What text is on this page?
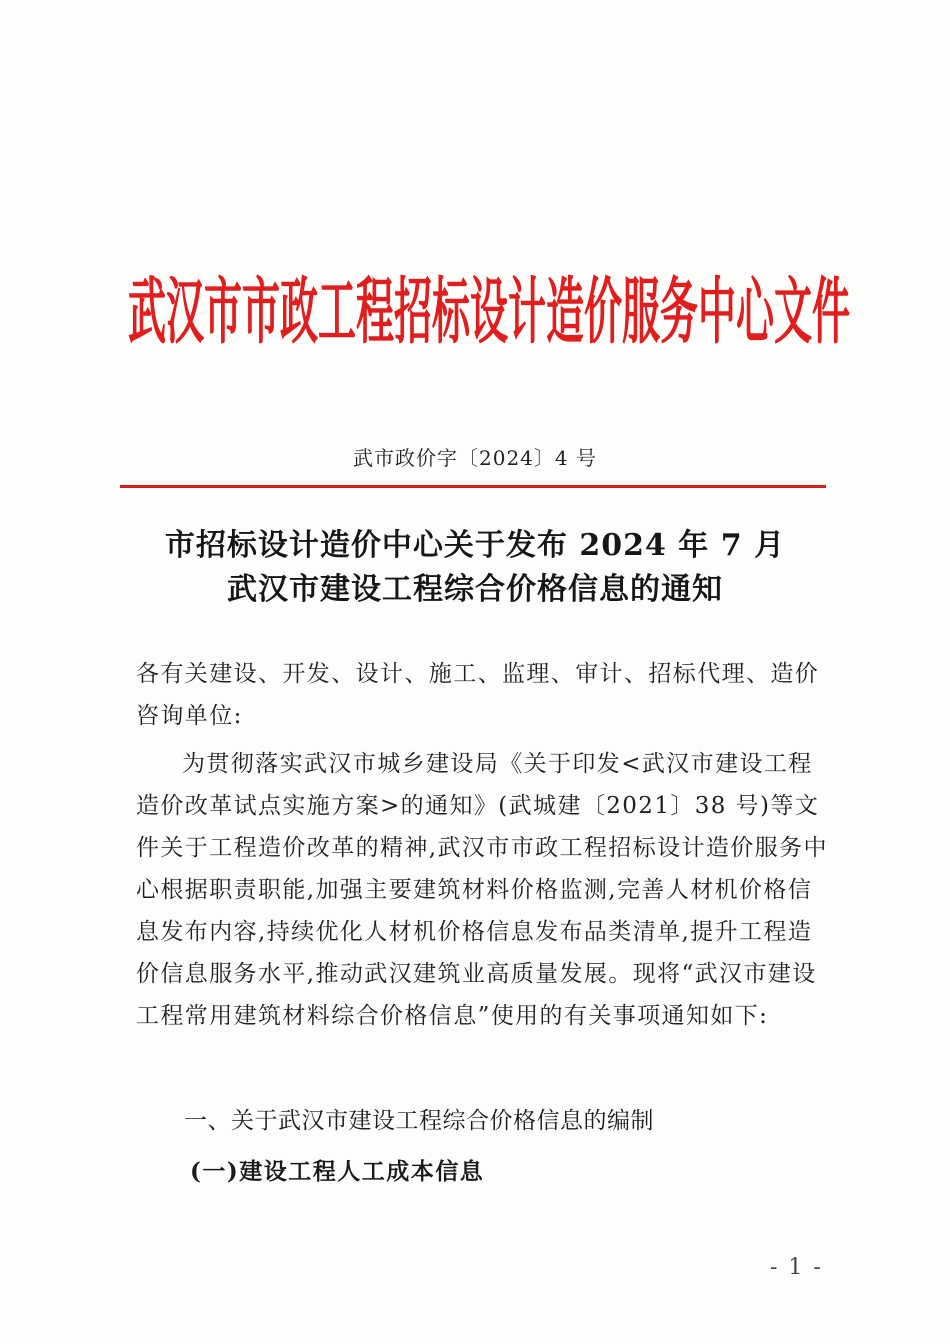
武汉市市政工程招标设计造价服务中心文件
武市政价字〔2024〕4 号
市招标设计造价中心关于发布 2024 年 7 月
武汉市建设工程综合价格信息的通知
各有关建设、开发、设计、施工、监理、审计、招标代理、造价咨询单位:
为贯彻落实武汉市城乡建设局《关于印发<武汉市建设工程造价改革试点实施方案>的通知》(武城建〔2021〕38 号)等文件关于工程造价改革的精神,武汉市市政工程招标设计造价服务中心根据职责职能,加强主要建筑材料价格监测,完善人材机价格信息发布内容,持续优化人材机价格信息发布品类清单,提升工程造价信息服务水平,推动武汉建筑业高质量发展。现将“武汉市建设工程常用建筑材料综合价格信息”使用的有关事项通知如下:
一、关于武汉市建设工程综合价格信息的编制
(一)建设工程人工成本信息
- 1 -
